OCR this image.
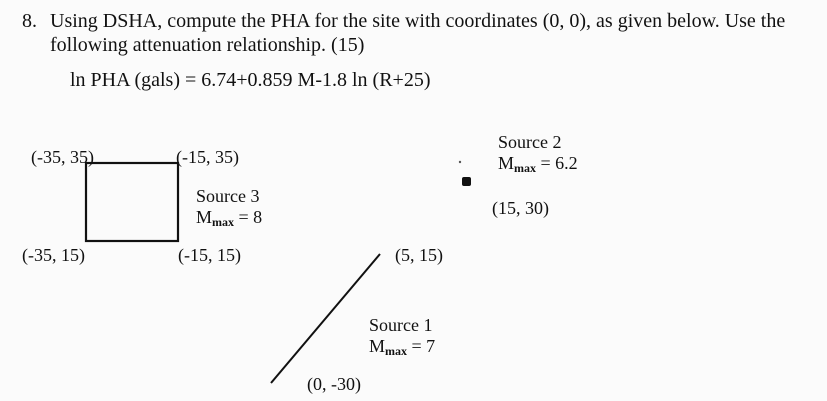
8. Using DSHA, compute the PHA for the site with coordinates (0, 0), as given below. Use the
following attenuation relationship. (15)
ln PHA (gals) = 6.74+0.859 M-1.8 ln (R+25)
(-35, 35)	(-15, 35)
(-35, 15)	(-15, 15)
Source 3
$M_{max} = 8$
Source 2
$M_{max} = 6.2$
(15, 30)
(5, 15)
Source 1
$M_{max} = 7$
(0, -30)
